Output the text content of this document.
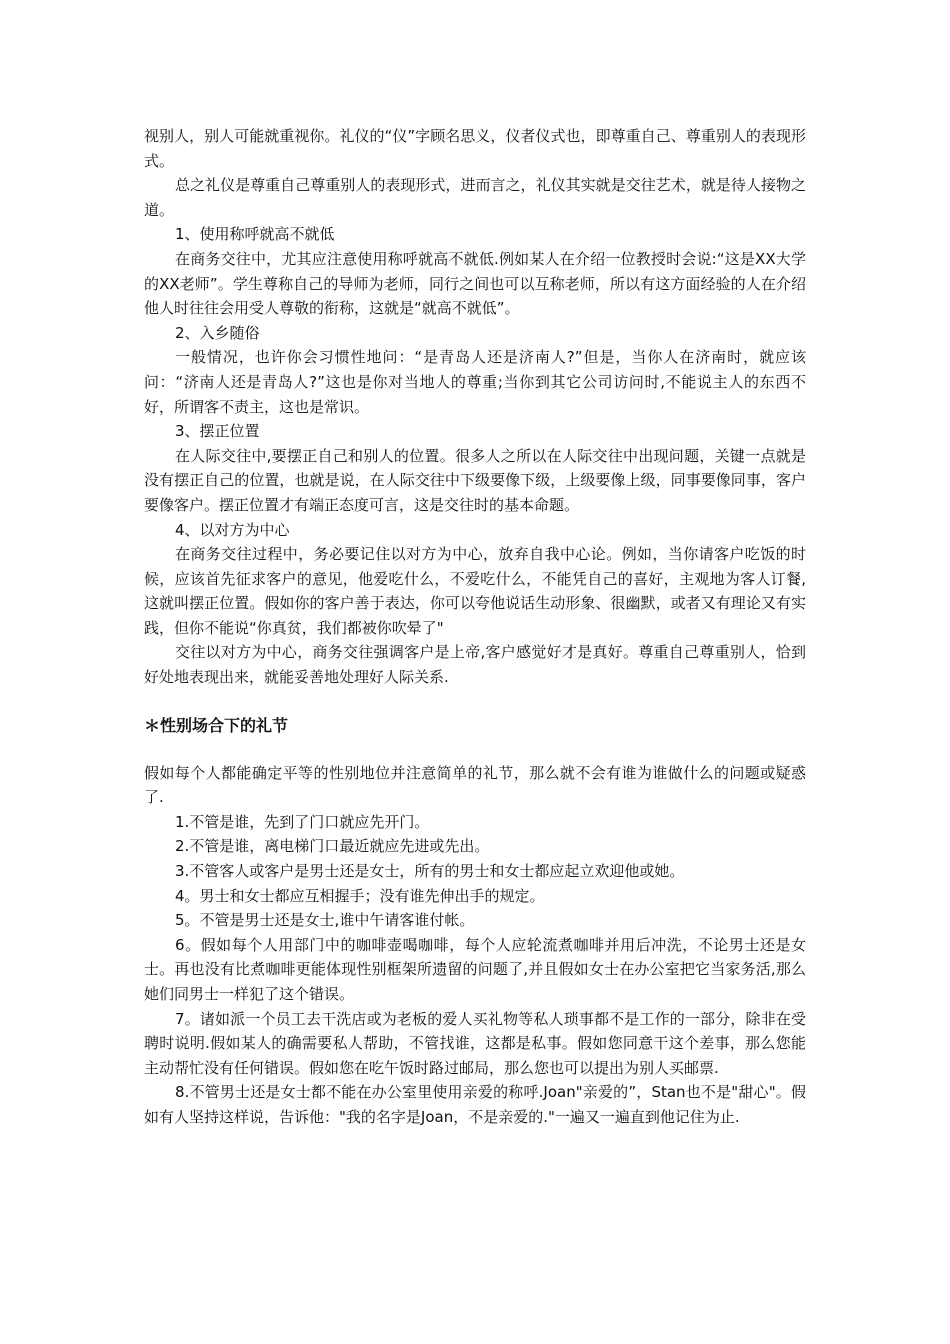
视别人，别人可能就重视你。礼仪的“仪”字顾名思义，仪者仪式也，即尊重自己、尊重别人的表现形式。

总之礼仪是尊重自己尊重别人的表现形式，进而言之，礼仪其实就是交往艺术，就是待人接物之道。

1、使用称呼就高不就低

在商务交往中，尤其应注意使用称呼就高不就低.例如某人在介绍一位教授时会说:“这是XX大学的XX老师”。学生尊称自己的导师为老师，同行之间也可以互称老师，所以有这方面经验的人在介绍他人时往往会用受人尊敬的衔称，这就是“就高不就低”。

2、入乡随俗

一般情况，也许你会习惯性地问：“是青岛人还是济南人?”但是，当你人在济南时，就应该问：“济南人还是青岛人?”这也是你对当地人的尊重;当你到其它公司访问时,不能说主人的东西不好，所谓客不责主，这也是常识。

3、摆正位置

在人际交往中,要摆正自己和别人的位置。很多人之所以在人际交往中出现问题，关键一点就是没有摆正自己的位置，也就是说，在人际交往中下级要像下级，上级要像上级，同事要像同事，客户要像客户。摆正位置才有端正态度可言，这是交往时的基本命题。

4、以对方为中心

在商务交往过程中，务必要记住以对方为中心，放弃自我中心论。例如，当你请客户吃饭的时候，应该首先征求客户的意见，他爱吃什么，不爱吃什么，不能凭自己的喜好，主观地为客人订餐,这就叫摆正位置。假如你的客户善于表达，你可以夸他说话生动形象、很幽默，或者又有理论又有实践，但你不能说“你真贫，我们都被你吹晕了"

交往以对方为中心，商务交往强调客户是上帝,客户感觉好才是真好。尊重自己尊重别人，恰到好处地表现出来，就能妥善地处理好人际关系.

＊性别场合下的礼节

假如每个人都能确定平等的性别地位并注意简单的礼节，那么就不会有谁为谁做什么的问题或疑惑了.

1.不管是谁，先到了门口就应先开门。

2.不管是谁，离电梯门口最近就应先进或先出。

3.不管客人或客户是男士还是女士，所有的男士和女士都应起立欢迎他或她。

4。男士和女士都应互相握手；没有谁先伸出手的规定。

5。不管是男士还是女士,谁中午请客谁付帐。

6。假如每个人用部门中的咖啡壶喝咖啡，每个人应轮流煮咖啡并用后冲洗，不论男士还是女士。再也没有比煮咖啡更能体现性别框架所遗留的问题了,并且假如女士在办公室把它当家务活,那么她们同男士一样犯了这个错误。

7。诸如派一个员工去干洗店或为老板的爱人买礼物等私人琐事都不是工作的一部分，除非在受聘时说明.假如某人的确需要私人帮助，不管找谁，这都是私事。假如您同意干这个差事，那么您能主动帮忙没有任何错误。假如您在吃午饭时路过邮局，那么您也可以提出为别人买邮票.

8.不管男士还是女士都不能在办公室里使用亲爱的称呼.Joan"亲爱的”，Stan也不是"甜心"。假如有人坚持这样说，告诉他："我的名字是Joan，不是亲爱的."一遍又一遍直到他记住为止.
